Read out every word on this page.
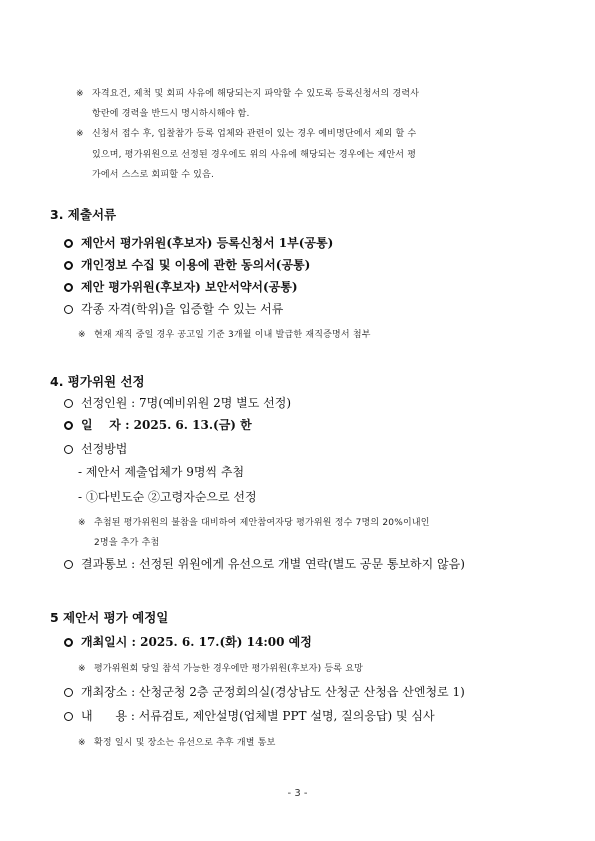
※ 자격요건, 제척 및 회피 사유에 해당되는지 파악할 수 있도록 등록신청서의 경력사
항란에 경력을 반드시 명시하시해야 함.
※ 신청서 접수 후, 입찰참가 등록 업체와 관련이 있는 경우 예비명단에서 제외 할 수
있으며, 평가위원으로 선정된 경우에도 위의 사유에 해당되는 경우에는 제안서 평
가에서 스스로 회피할 수 있음.
3. 제출서류
제안서 평가위원(후보자) 등록신청서 1부(공통)
개인정보 수집 및 이용에 관한 동의서(공통)
제안 평가위원(후보자) 보안서약서(공통)
각종 자격(학위)을 입증할 수 있는 서류
※ 현재 재직 중일 경우 공고일 기준 3개월 이내 발급한 재직증명서 첨부
4. 평가위원 선정
선정인원 : 7명(예비위원 2명 별도 선정)
일    자 : 2025. 6. 13.(금) 한
선정방법
- 제안서 제출업체가 9명씩 추첨
- ①다빈도순 ②고령자순으로 선정
※ 추첨된 평가위원의 불참을 대비하여 제안참여자당 평가위원 정수 7명의 20%이내인
2명을 추가 추첨
결과통보 : 선정된 위원에게 유선으로 개별 연락(별도 공문 통보하지 않음)
5 제안서 평가 예정일
개최일시 : 2025. 6. 17.(화) 14:00 예정
※ 평가위원회 당일 참석 가능한 경우에만 평가위원(후보자) 등록 요망
개최장소 : 산청군청 2층 군정회의실(경상남도 산청군 산청읍 산엔청로 1)
내      용 : 서류검토, 제안설명(업체별 PPT 설명, 질의응답) 및 심사
※ 확정 일시 및 장소는 유선으로 추후 개별 통보
- 3 -
